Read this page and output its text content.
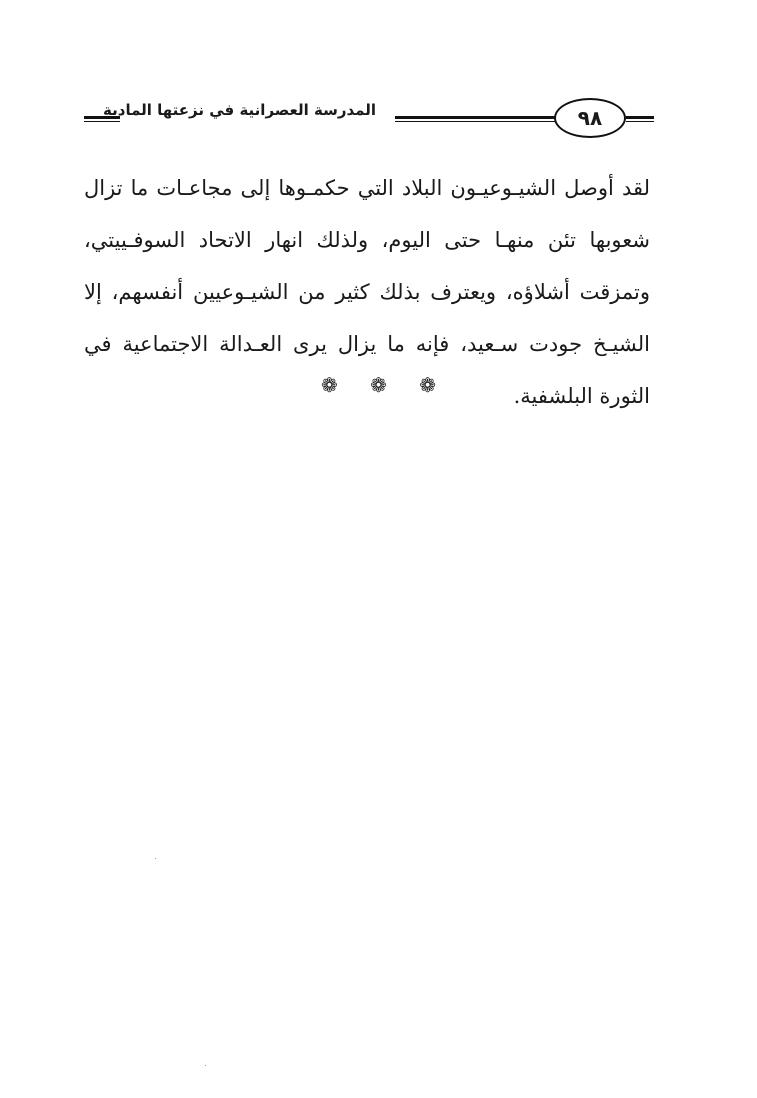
المدرسة العصرانية في نزعتها المادية	٩٨

لقد أوصل الشيـوعيـون البلاد التي حكمـوها إلى مجاعـات ما تزال شعوبها تئن منهـا حتى اليوم، ولذلك انهار الاتحاد السوفـييتي، وتمزقت أشلاؤه، ويعترف بذلك كثير من الشيـوعيين أنفسهم، إلا الشيـخ جودت سـعيد، فإنه ما يزال يرى العـدالة الاجتماعية في الثورة البلشفية.

❁ ❁ ❁
